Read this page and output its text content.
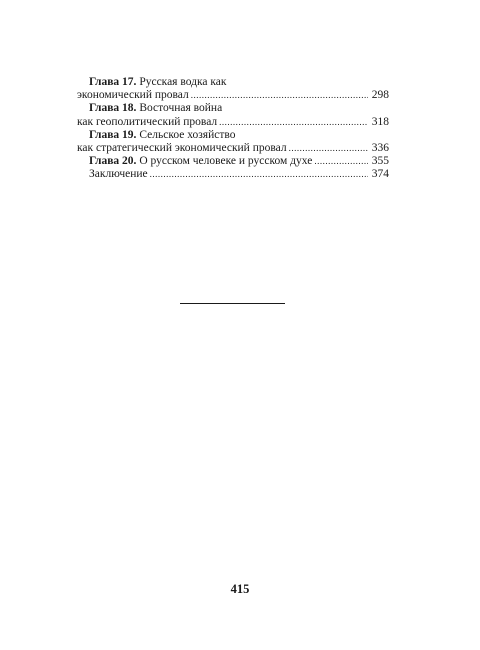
Глава 17. Русская водка как
экономический провал .....	298
Глава 18. Восточная война
как геополитический провал .....	318
Глава 19. Сельское хозяйство
как стратегический экономический провал .....	336
Глава 20. О русском человеке и русском духе .....	355
Заключение .....	374
415
